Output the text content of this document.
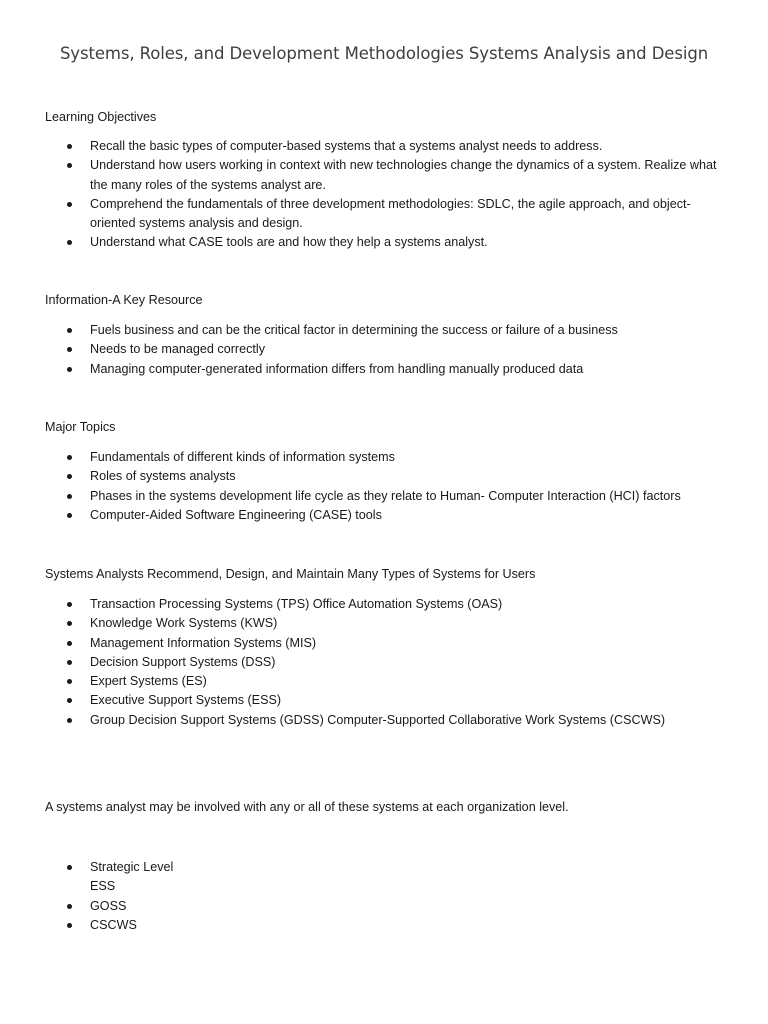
Systems, Roles, and Development Methodologies Systems Analysis and Design
Learning Objectives
Recall the basic types of computer-based systems that a systems analyst needs to address.
Understand how users working in context with new technologies change the dynamics of a system. Realize what the many roles of the systems analyst are.
Comprehend the fundamentals of three development methodologies: SDLC, the agile approach, and object-oriented systems analysis and design.
Understand what CASE tools are and how they help a systems analyst.
Information-A Key Resource
Fuels business and can be the critical factor in determining the success or failure of a business
Needs to be managed correctly
Managing computer-generated information differs from handling manually produced data
Major Topics
Fundamentals of different kinds of information systems
Roles of systems analysts
Phases in the systems development life cycle as they relate to Human- Computer Interaction (HCI) factors
Computer-Aided Software Engineering (CASE) tools
Systems Analysts Recommend, Design, and Maintain Many Types of Systems for Users
Transaction Processing Systems (TPS) Office Automation Systems (OAS)
Knowledge Work Systems (KWS)
Management Information Systems (MIS)
Decision Support Systems (DSS)
Expert Systems (ES)
Executive Support Systems (ESS)
Group Decision Support Systems (GDSS) Computer-Supported Collaborative Work Systems (CSCWS)
A systems analyst may be involved with any or all of these systems at each organization level.
Strategic Level
ESS
GOSS
CSCWS
